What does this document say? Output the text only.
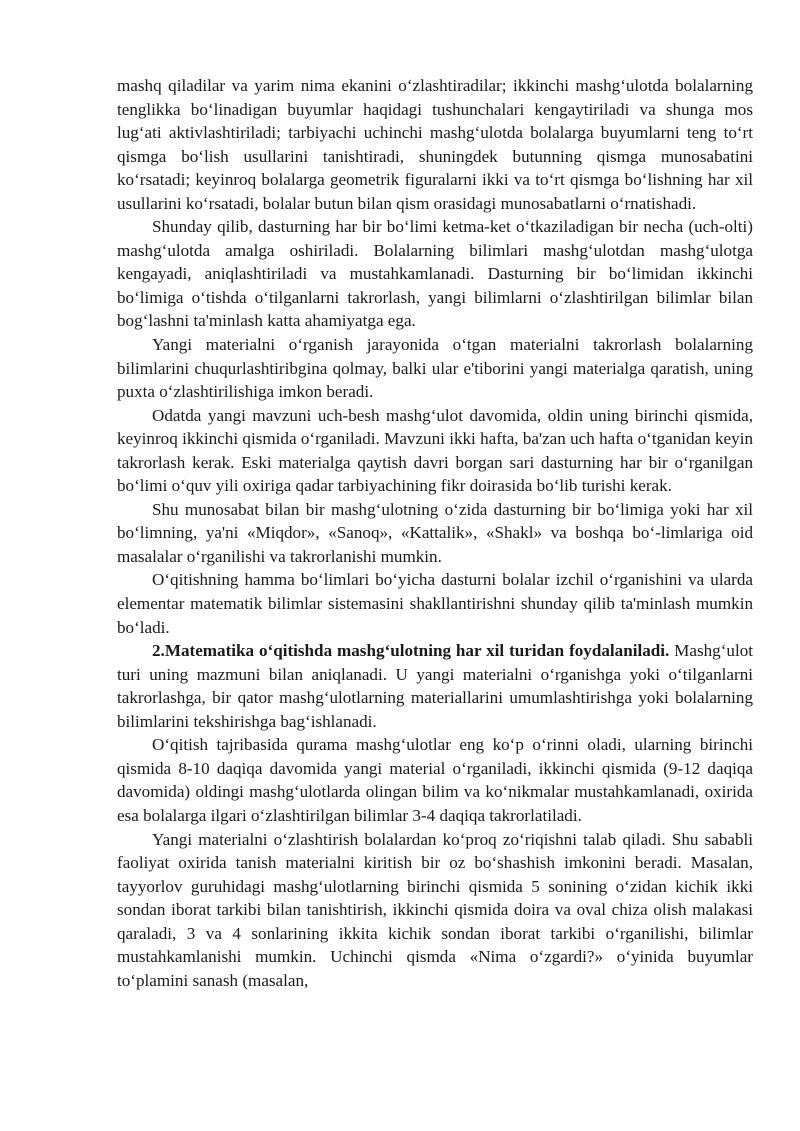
mashq qiladilar va yarim nima ekanini oʻzlashtiradilar; ikkinchi mashgʻulotda bolalarning tenglikka boʻlinadigan buyumlar haqidagi tushunchalari kengaytiriladi va shunga mos lugʻati aktivlashtiriladi; tarbiyachi uchinchi mashgʻulotda bolalarga buyumlarni teng toʻrt qismga boʻlish usullarini tanishtiradi, shuningdek butunning qismga munosabatini koʻrsatadi; keyinroq bolalarga geometrik figuralarni ikki va toʻrt qismga boʻlishning har xil usullarini koʻrsatadi, bolalar butun bilan qism orasidagi munosabatlarni oʻrnatishadi.

Shunday qilib, dasturning har bir boʻlimi ketma-ket oʻtkaziladigan bir necha (uch-olti) mashgʻulotda amalga oshiriladi. Bolalarning bilimlari mashgʻulotdan mashgʻulotga kengayadi, aniqlashtiriladi va mustahkamlanadi. Dasturning bir boʻlimidan ikkinchi boʻlimiga oʻtishda oʻtilganlarni takrorlash, yangi bilimlarni oʻzlashtirilgan bilimlar bilan bogʻlashni ta'minlash katta ahamiyatga ega.

Yangi materialni oʻrganish jarayonida oʻtgan materialni takrorlash bolalarning bilimlarini chuqurlashtiribgina qolmay, balki ular e'tiborini yangi materialga qaratish, uning puxta oʻzlashtirilishiga imkon beradi.

Odatda yangi mavzuni uch-besh mashgʻulot davomida, oldin uning birinchi qismida, keyinroq ikkinchi qismida oʻrganiladi. Mavzuni ikki hafta, ba'zan uch hafta oʻtganidan keyin takrorlash kerak. Eski materialga qaytish davri borgan sari dasturning har bir oʻrganilgan boʻlimi oʻquv yili oxiriga qadar tarbiyachining fikr doirasida boʻlib turishi kerak.

Shu munosabat bilan bir mashgʻulotning oʻzida dasturning bir boʻlimiga yoki har xil boʻlimning, ya'ni «Miqdor», «Sanoq», «Kattalik», «Shakl» va boshqa boʻ-limlariga oid masalalar oʻrganilishi va takrorlanishi mumkin.

Oʻqitishning hamma boʻlimlari boʻyicha dasturni bolalar izchil oʻrganishini va ularda elementar matematik bilimlar sistemasini shakllantirishni shunday qilib ta'minlash mumkin boʻladi.

2.Matematika oʻqitishda mashgʻulotning har xil turidan foydalaniladi. Mashgʻulot turi uning mazmuni bilan aniqlanadi. U yangi materialni oʻrganishga yoki oʻtilganlarni takrorlashga, bir qator mashgʻulotlarning materiallarini umumlashtirishga yoki bolalarning bilimlarini tekshirishga bagʻishlanadi.

Oʻqitish tajribasida qurama mashgʻulotlar eng koʻp oʻrinni oladi, ularning birinchi qismida 8-10 daqiqa davomida yangi material oʻrganiladi, ikkinchi qismida (9-12 daqiqa davomida) oldingi mashgʻulotlarda olingan bilim va koʻnikmalar mustahkamlanadi, oxirida esa bolalarga ilgari oʻzlashtirilgan bilimlar 3-4 daqiqa takrorlatiladi.

Yangi materialni oʻzlashtirish bolalardan koʻproq zoʻriqishni talab qiladi. Shu sababli faoliyat oxirida tanish materialni kiritish bir oz boʻshashish imkonini beradi. Masalan, tayyorlov guruhidagi mashgʻulotlarning birinchi qismida 5 sonining oʻzidan kichik ikki sondan iborat tarkibi bilan tanishtirish, ikkinchi qismida doira va oval chiza olish malakasi qaraladi, 3 va 4 sonlarining ikkita kichik sondan iborat tarkibi oʻrganilishi, bilimlar mustahkamlanishi mumkin. Uchinchi qismda «Nima oʻzgardi?» oʻyinida buyumlar toʻplamini sanash (masalan,
